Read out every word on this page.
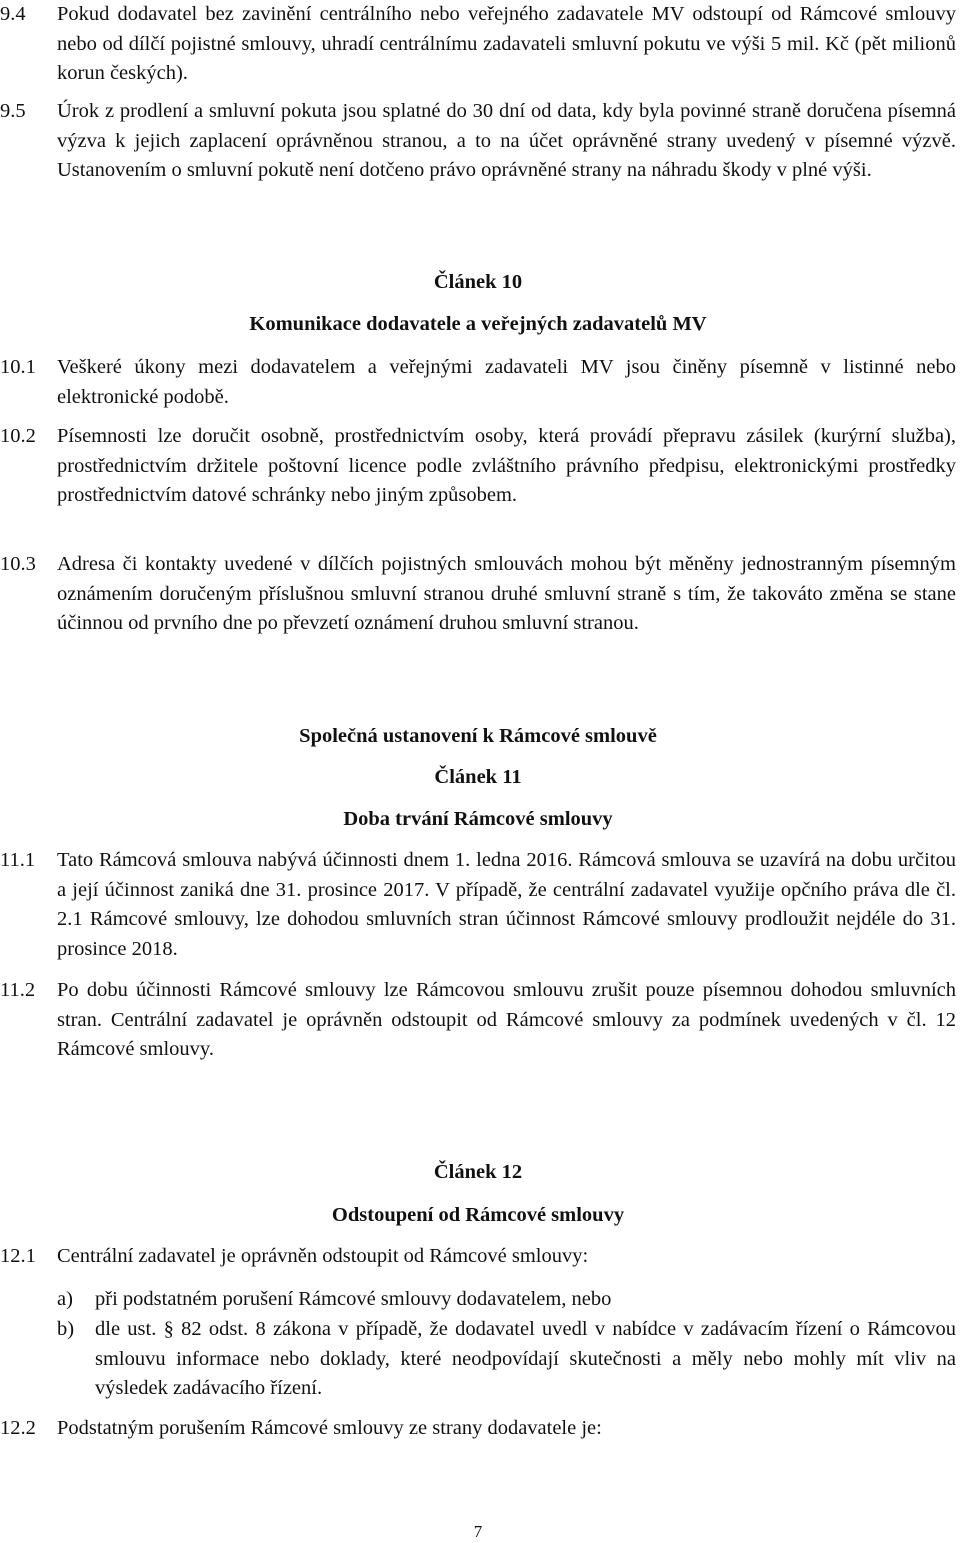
9.4 Pokud dodavatel bez zavinění centrálního nebo veřejného zadavatele MV odstoupí od Rámcové smlouvy nebo od dílčí pojistné smlouvy, uhradí centrálnímu zadavateli smluvní pokutu ve výši 5 mil. Kč (pět milionů korun českých).
9.5 Úrok z prodlení a smluvní pokuta jsou splatné do 30 dní od data, kdy byla povinné straně doručena písemná výzva k jejich zaplacení oprávněnou stranou, a to na účet oprávněné strany uvedený v písemné výzvě. Ustanovením o smluvní pokutě není dotčeno právo oprávněné strany na náhradu škody v plné výši.
Článek 10
Komunikace dodavatele a veřejných zadavatelů MV
10.1 Veškeré úkony mezi dodavatelem a veřejnými zadavateli MV jsou činěny písemně v listinné nebo elektronické podobě.
10.2 Písemnosti lze doručit osobně, prostřednictvím osoby, která provádí přepravu zásilek (kurýrní služba), prostřednictvím držitele poštovní licence podle zvláštního právního předpisu, elektronickými prostředky prostřednictvím datové schránky nebo jiným způsobem.
10.3 Adresa či kontakty uvedené v dílčích pojistných smlouvách mohou být měněny jednostranným písemným oznámením doručeným příslušnou smluvní stranou druhé smluvní straně s tím, že takováto změna se stane účinnou od prvního dne po převzetí oznámení druhou smluvní stranou.
Společná ustanovení k Rámcové smlouvě
Článek 11
Doba trvání Rámcové smlouvy
11.1 Tato Rámcová smlouva nabývá účinnosti dnem 1. ledna 2016. Rámcová smlouva se uzavírá na dobu určitou a její účinnost zaniká dne 31. prosince 2017. V případě, že centrální zadavatel využije opčního práva dle čl. 2.1 Rámcové smlouvy, lze dohodou smluvních stran účinnost Rámcové smlouvy prodloužit nejdéle do 31. prosince 2018.
11.2 Po dobu účinnosti Rámcové smlouvy lze Rámcovou smlouvu zrušit pouze písemnou dohodou smluvních stran. Centrální zadavatel je oprávněn odstoupit od Rámcové smlouvy za podmínek uvedených v čl. 12 Rámcové smlouvy.
Článek 12
Odstoupení od Rámcové smlouvy
12.1 Centrální zadavatel je oprávněn odstoupit od Rámcové smlouvy:
a) při podstatném porušení Rámcové smlouvy dodavatelem, nebo
b) dle ust. § 82 odst. 8 zákona v případě, že dodavatel uvedl v nabídce v zadávacím řízení o Rámcovou smlouvu informace nebo doklady, které neodpovídají skutečnosti a měly nebo mohly mít vliv na výsledek zadávacího řízení.
12.2 Podstatným porušením Rámcové smlouvy ze strany dodavatele je:
7
